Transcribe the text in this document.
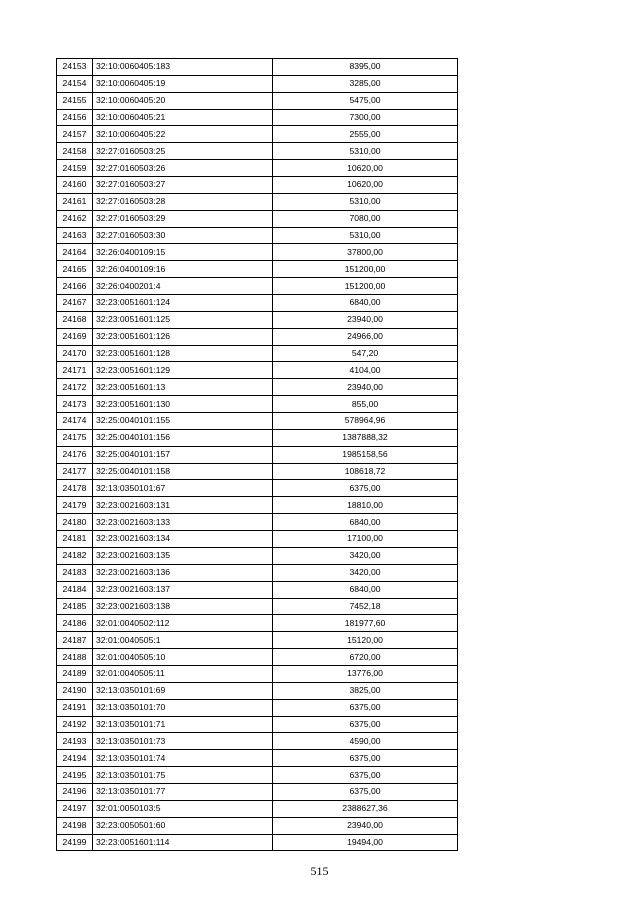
24153	32:10:0060405:183	8395,00
24154	32:10:0060405:19	3285,00
24155	32:10:0060405:20	5475,00
24156	32:10:0060405:21	7300,00
24157	32:10:0060405:22	2555,00
24158	32:27:0160503:25	5310,00
24159	32:27:0160503:26	10620,00
24160	32:27:0160503:27	10620,00
24161	32:27:0160503:28	5310,00
24162	32:27:0160503:29	7080,00
24163	32:27:0160503:30	5310,00
24164	32:26:0400109:15	37800,00
24165	32:26:0400109:16	151200,00
24166	32:26:0400201:4	151200,00
24167	32:23:0051601:124	6840,00
24168	32:23:0051601:125	23940,00
24169	32:23:0051601:126	24966,00
24170	32:23:0051601:128	547,20
24171	32:23:0051601:129	4104,00
24172	32:23:0051601:13	23940,00
24173	32:23:0051601:130	855,00
24174	32:25:0040101:155	578964,96
24175	32:25:0040101:156	1387888,32
24176	32:25:0040101:157	1985158,56
24177	32:25:0040101:158	108618,72
24178	32:13:0350101:67	6375,00
24179	32:23:0021603:131	18810,00
24180	32:23:0021603:133	6840,00
24181	32:23:0021603:134	17100,00
24182	32:23:0021603:135	3420,00
24183	32:23:0021603:136	3420,00
24184	32:23:0021603:137	6840,00
24185	32:23:0021603:138	7452,18
24186	32:01:0040502:112	181977,60
24187	32:01:0040505:1	15120,00
24188	32:01:0040505:10	6720,00
24189	32:01:0040505:11	13776,00
24190	32:13:0350101:69	3825,00
24191	32:13:0350101:70	6375,00
24192	32:13:0350101:71	6375,00
24193	32:13:0350101:73	4590,00
24194	32:13:0350101:74	6375,00
24195	32:13:0350101:75	6375,00
24196	32:13:0350101:77	6375,00
24197	32:01:0050103:5	2388627,36
24198	32:23:0050501:60	23940,00
24199	32:23:0051601:114	19494,00
515
